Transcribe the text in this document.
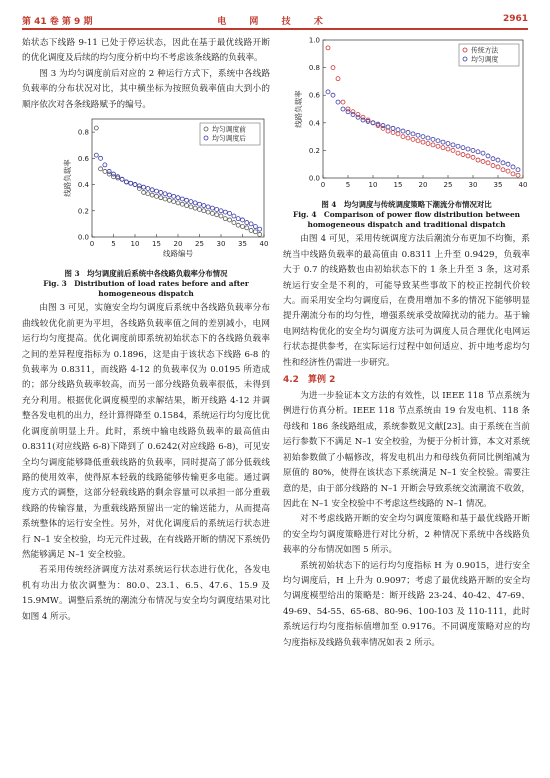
第 41 卷 第 9 期	电 网 技 术	2961

始状态下线路 9-11 已处于停运状态，因此在基于最优线路开断的优化调度及后续的均匀度分析中均不考虑该条线路的负载率。

图 3 为均匀调度前后对应的 2 种运行方式下，系统中各线路负载率的分布状况对比，其中横坐标为按照负载率值由大到小的顺序依次对各条线路赋予的编号。

0 5 10 15 20 25 30 35 40
0.0
0.2
0.4
0.6
0.8
线路编号
线路负载率
均匀调度前
均匀调度后
图 3　均匀调度前后系统中各线路负载率分布情况
Fig. 3　Distribution of load rates before and after
homogeneous dispatch

由图 3 可见，实施安全均匀调度后系统中各线路负载率分布曲线较优化前更为平坦，各线路负载率值之间的差别减小，电网运行均匀度提高。优化调度前即系统初始状态下的各线路负载率之间的差异程度指标为 0.1896，这是由于该状态下线路 6-8 的负载率为 0.8311，而线路 4-12 的负载率仅为 0.0195 所造成的；部分线路负载率较高，而另一部分线路负载率很低，未得到充分利用。根据优化调度模型的求解结果，断开线路 4-12 并调整各发电机的出力，经计算得降至 0.1584，系统运行均匀度比优化调度前明显上升。此时，系统中输电线路负载率的最高值由 0.8311(对应线路 6-8)下降到了 0.6242(对应线路 6-8)，可见安全均匀调度能够降低重载线路的负载率，同时提高了部分低载线路的使用效率，使得原本轻载的线路能够传输更多电能。通过调度方式的调整，这部分轻载线路的剩余容量可以承担一部分重载线路的传输容量，为重载线路预留出一定的输送能力，从而提高系统整体的运行安全性。另外，对优化调度后的系统运行状态进行 N–1 安全校验，均无元件过载，在有线路开断的情况下系统仍然能够满足 N–1 安全校验。

若采用传统经济调度方法对系统运行状态进行优化，各发电机有功出力依次调整为：80.0、23.1、6.5、47.6、15.9 及 15.9MW。调整后系统的潮流分布情况与安全均匀调度结果对比如图 4 所示。

0	5	10 15 20 25 30 35 40
0.0
0.2
0.4
0.6
0.8
1.0
线路负载率
传统方法
均匀调度
图 4　均匀调度与传统调度策略下潮流分布情况对比
Fig. 4　Comparison of power flow distribution between
homogeneous dispatch and traditional dispatch

由图 4 可见，采用传统调度方法后潮流分布更加不均衡，系统当中线路负载率的最高值由 0.8311 上升至 0.9429，负载率大于 0.7 的线路数也由初始状态下的 1 条上升至 3 条，这对系统运行安全是不利的，可能导致某些事故下的校正控制代价较大。而采用安全均匀调度后，在费用增加不多的情况下能够明显提升潮流分布的均匀性，增强系统承受故障扰动的能力。基于输电网结构优化的安全均匀调度方法可为调度人员合理优化电网运行状态提供参考，在实际运行过程中如何适应、折中地考虑均匀性和经济性仍需进一步研究。

4.2　算例 2

为进一步验证本文方法的有效性，以 IEEE 118 节点系统为例进行仿真分析。IEEE 118 节点系统由 19 台发电机、118 条母线和 186 条线路组成，系统参数见文献[23]。由于系统在当前运行参数下不满足 N–1 安全校验，为便于分析计算，本文对系统初始参数做了小幅修改，将发电机出力和母线负荷同比例缩减为原值的 80%，使得在该状态下系统满足 N–1 安全校验。需要注意的是，由于部分线路的 N–1 开断会导致系统交流潮流不收敛，因此在 N–1 安全校验中不考虑这些线路的 N–1 情况。

对不考虑线路开断的安全均匀调度策略和基于最优线路开断的安全均匀调度策略进行对比分析，2 种情况下系统中各线路负载率的分布情况如图 5 所示。

系统初始状态下的运行均匀度指标 H 为 0.9015，进行安全均匀调度后，H 上升为 0.9097；考虑了最优线路开断的安全均匀调度模型给出的策略是：断开线路 23-24、40-42、47-69、49-69、54-55、65-68、80-96、100-103 及 110-111，此时系统运行均匀度指标值增加至 0.9176。不同调度策略对应的均匀度指标及线路负载率情况如表 2 所示。
